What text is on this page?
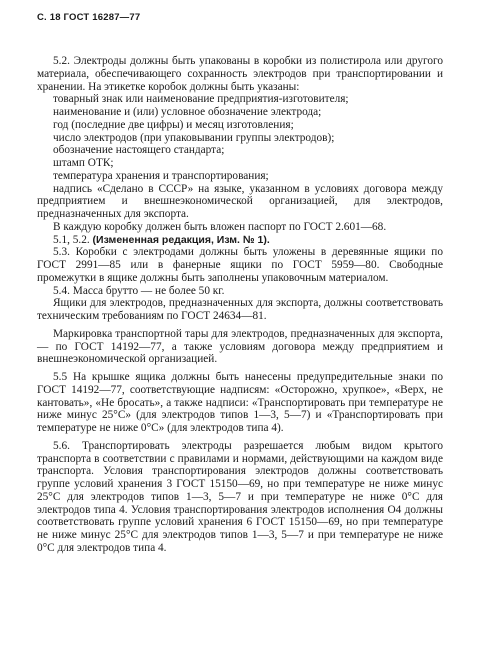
С. 18 ГОСТ 16287—77

5.2. Электроды должны быть упакованы в коробки из полистирола или другого материала, обеспечивающего сохранность электродов при транспортировании и хранении. На этикетке коробок должны быть указаны:

товарный знак или наименование предприятия-изготовителя;

наименование и (или) условное обозначение электрода;

год (последние две цифры) и месяц изготовления;

число электродов (при упаковывании группы электродов);

обозначение настоящего стандарта;

штамп ОТК;

температура хранения и транспортирования;

надпись «Сделано в СССР» на языке, указанном в условиях договора между предприятием и внешнеэкономической организацией, для электродов, предназначенных для экспорта.

В каждую коробку должен быть вложен паспорт по ГОСТ 2.601—68.

5.1, 5.2. (Измененная редакция, Изм. № 1).

5.3. Коробки с электродами должны быть уложены в деревянные ящики по ГОСТ 2991—85 или в фанерные ящики по ГОСТ 5959—80. Свободные промежутки в ящике должны быть заполнены упаковочным материалом.

5.4. Масса брутто — не более 50 кг.

Ящики для электродов, предназначенных для экспорта, должны соответствовать техническим требованиям по ГОСТ 24634—81.

Маркировка транспортной тары для электродов, предназначенных для экспорта, — по ГОСТ 14192—77, а также условиям договора между предприятием и внешнеэкономической организацией.

5.5 На крышке ящика должны быть нанесены предупредительные знаки по ГОСТ 14192—77, соответствующие надписям: «Осторожно, хрупкое», «Верх, не кантовать», «Не бросать», а также надписи: «Транспортировать при температуре не ниже минус 25°С» (для электродов типов 1—3, 5—7) и «Транспортировать при температуре не ниже 0°С» (для электродов типа 4).

5.6. Транспортировать электроды разрешается любым видом крытого транспорта в соответствии с правилами и нормами, действующими на каждом виде транспорта. Условия транспортирования электродов должны соответствовать группе условий хранения 3 ГОСТ 15150—69, но при температуре не ниже минус 25°С для электродов типов 1—3, 5—7 и при температуре не ниже 0°С для электродов типа 4. Условия транспортирования электродов исполнения О4 должны соответствовать группе условий хранения 6 ГОСТ 15150—69, но при температуре не ниже минус 25°С для электродов типов 1—3, 5—7 и при температуре не ниже 0°С для электродов типа 4.
